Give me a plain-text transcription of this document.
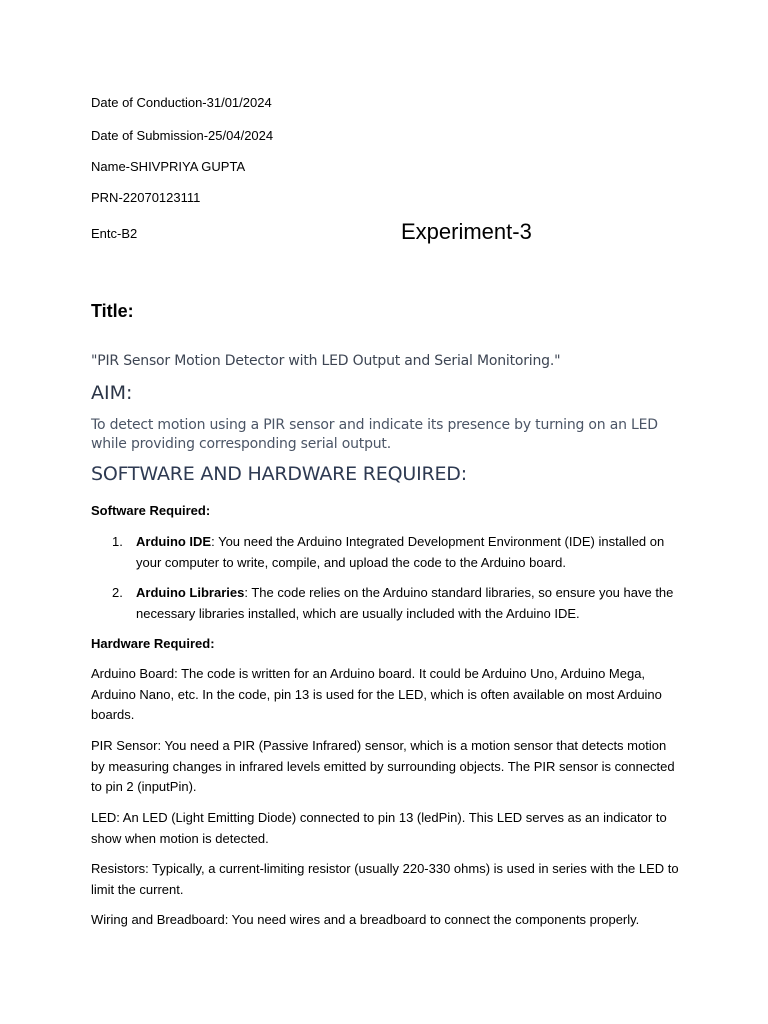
Date of Conduction-31/01/2024
Date of Submission-25/04/2024
Name-SHIVPRIYA GUPTA
PRN-22070123111
Entc-B2	Experiment-3
Title:
"PIR Sensor Motion Detector with LED Output and Serial Monitoring."
AIM:
To detect motion using a PIR sensor and indicate its presence by turning on an LED while providing corresponding serial output.
SOFTWARE AND HARDWARE REQUIRED:
Software Required:
1. Arduino IDE: You need the Arduino Integrated Development Environment (IDE) installed on your computer to write, compile, and upload the code to the Arduino board.
2. Arduino Libraries: The code relies on the Arduino standard libraries, so ensure you have the necessary libraries installed, which are usually included with the Arduino IDE.
Hardware Required:
Arduino Board: The code is written for an Arduino board. It could be Arduino Uno, Arduino Mega, Arduino Nano, etc. In the code, pin 13 is used for the LED, which is often available on most Arduino boards.
PIR Sensor: You need a PIR (Passive Infrared) sensor, which is a motion sensor that detects motion by measuring changes in infrared levels emitted by surrounding objects. The PIR sensor is connected to pin 2 (inputPin).
LED: An LED (Light Emitting Diode) connected to pin 13 (ledPin). This LED serves as an indicator to show when motion is detected.
Resistors: Typically, a current-limiting resistor (usually 220-330 ohms) is used in series with the LED to limit the current.
Wiring and Breadboard: You need wires and a breadboard to connect the components properly.
